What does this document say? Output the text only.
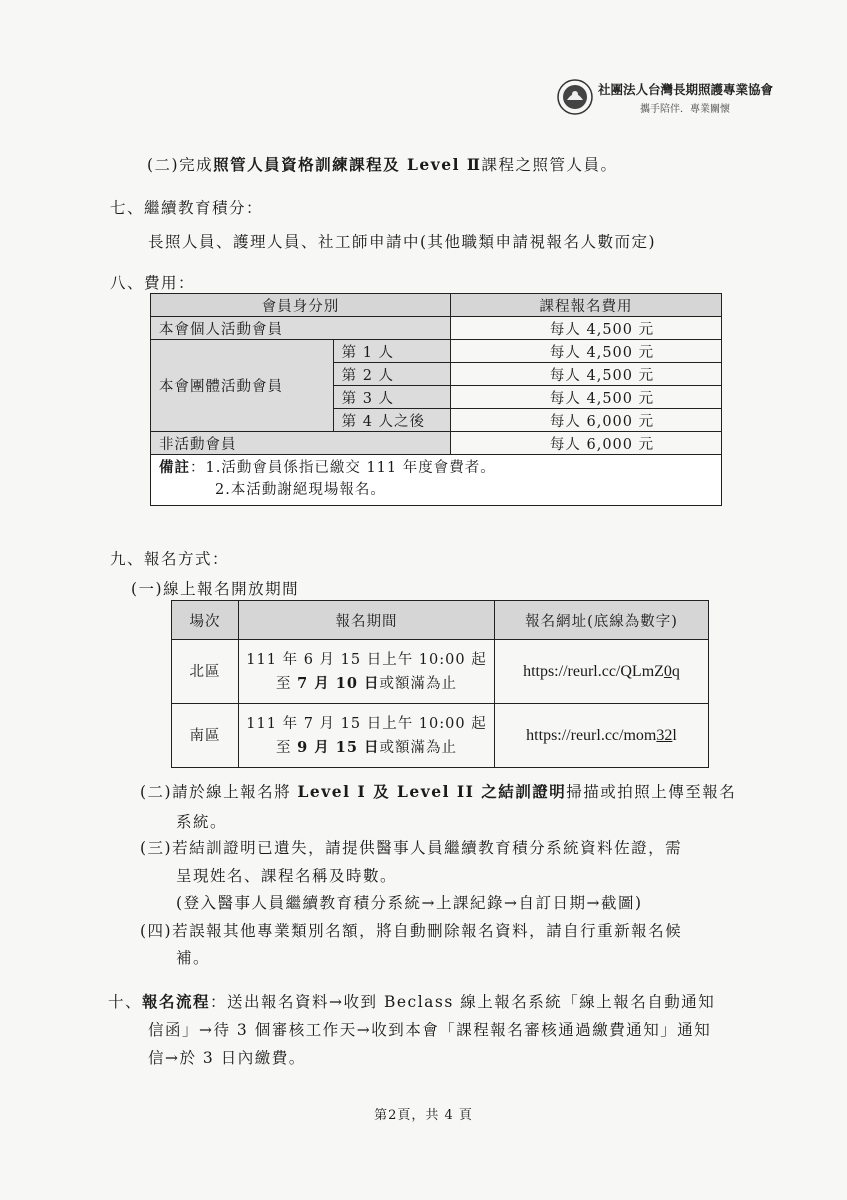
社團法人台灣長期照護專業協會
攜手陪伴．專業關懷
(二)完成照管人員資格訓練課程及 Level Ⅱ課程之照管人員。
七、繼續教育積分：
長照人員、護理人員、社工師申請中(其他職類申請視報名人數而定)
八、費用：
會員身分別		課程報名費用
本會個人活動會員		每人 4,500 元
本會團體活動會員	第 1 人	每人 4,500 元
	第 2 人	每人 4,500 元
	第 3 人	每人 4,500 元
	第 4 人之後	每人 6,000 元
非活動會員		每人 6,000 元

備註：1.活動會員係指已繳交 111 年度會費者。
2.本活動謝絕現場報名。		
九、報名方式：
(一)線上報名開放期間
場次	報名期間	報名網址(底線為數字)
北區	111 年 6 月 15 日上午 10:00 起
至 7 月 10 日或額滿為止	https://reurl.cc/QLmZ0q
南區	111 年 7 月 15 日上午 10:00 起
至 9 月 15 日或額滿為止	https://reurl.cc/mom32l
(二)請於線上報名將 Level I 及 Level II 之結訓證明掃描或拍照上傳至報名
系統。
(三)若結訓證明已遺失，請提供醫事人員繼續教育積分系統資料佐證，需
呈現姓名、課程名稱及時數。
(登入醫事人員繼續教育積分系統→上課紀錄→自訂日期→截圖)
(四)若誤報其他專業類別名額，將自動刪除報名資料，請自行重新報名候
補。
十、報名流程：送出報名資料→收到 Beclass 線上報名系統「線上報名自動通知
信函」→待 3 個審核工作天→收到本會「課程報名審核通過繳費通知」通知
信→於 3 日內繳費。
第2頁，共 4 頁
